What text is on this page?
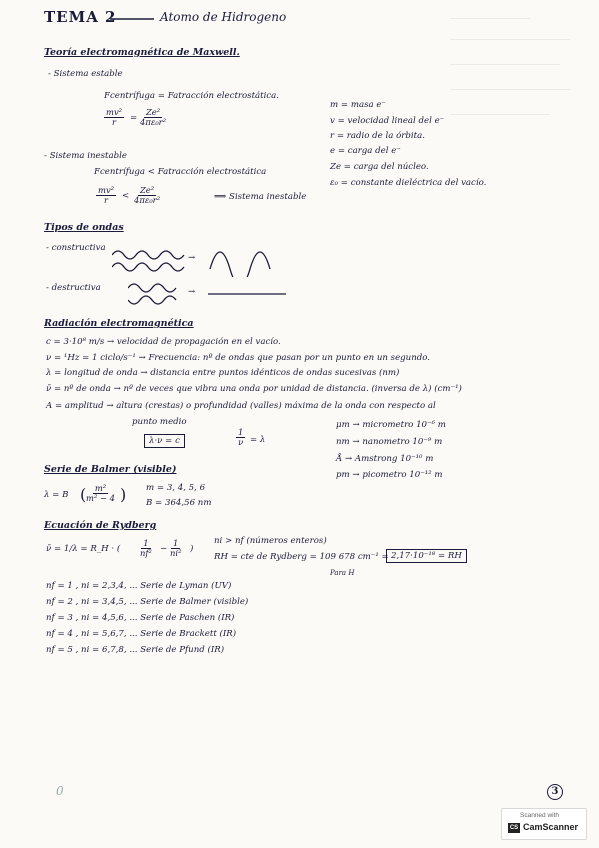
TEMA 2	Atomo de Hidrogeno
Teoría electromagnética de Maxwell.
- Sistema estable
Fcentrífuga = Fatracción electrostática.
$\frac{\text{mv²}}{r} = \frac{\text{Ze²}}{\text{4πε₀r²}}$
- Sistema inestable
Fcentrífuga < Fatracción electrostática
$\frac{\text{mv²}}{r} < \frac{\text{Ze²}}{\text{4πε₀r²}}$	⟹ Sistema inestable
m = masa e⁻
v = velocidad lineal del e⁻
r = radio de la órbita.
e = carga del e⁻
Ze = carga del núcleo.
ε₀ = constante dieléctrica del vacío.
Tipos de ondas
- constructiva
→
- destructiva	→
Radiación electromagnética
c = 3·10⁸ m/s → velocidad de propagación en el vacío.
ν = ¹Hz = 1 ciclo/s⁻¹ → Frecuencia: nº de ondas que pasan por un punto en un segundo.
λ = longitud de onda → distancia entre puntos idénticos de ondas sucesivas (nm)
ν̄ = nº de onda → nº de veces que vibra una onda por unidad de distancia. (inversa de λ) (cm⁻¹)
A = amplitud → altura (crestas) o profundidad (valles) máxima de la onda con respecto al
punto medio
λ·ν = c	$\frac{1}{\nu} = \lambda$
μm → micrometro 10⁻⁶ m
nm → nanometro 10⁻⁹ m
Å → Amstrong 10⁻¹⁰ m
pm → picometro 10⁻¹² m
Serie de Balmer (visible)
λ = B ( $\frac{\text{m²}}{\text{m² − 4}}$ ) m = 3, 4, 5, 6
B = 364,56 nm
Ecuación de Rydberg
ν̄ = 1/λ = R_H · ( $\frac{1}{\text{nf²}} - \frac{1}{\text{ni²}}$ )
ni > nf (números enteros)
RH = cte de Rydberg = 109 678 cm⁻¹ = 2,17·10⁻¹⁸ = RH
Para H
nf = 1 , ni = 2,3,4, ... Serie de Lyman (UV)
nf = 2 , ni = 3,4,5, ... Serie de Balmer (visible)
nf = 3 , ni = 4,5,6, ... Serie de Paschen (IR)
nf = 4 , ni = 5,6,7, ... Serie de Brackett (IR)
nf = 5 , ni = 6,7,8, ... Serie de Pfund (IR)
0	3
Scanned with
CS CamScanner
